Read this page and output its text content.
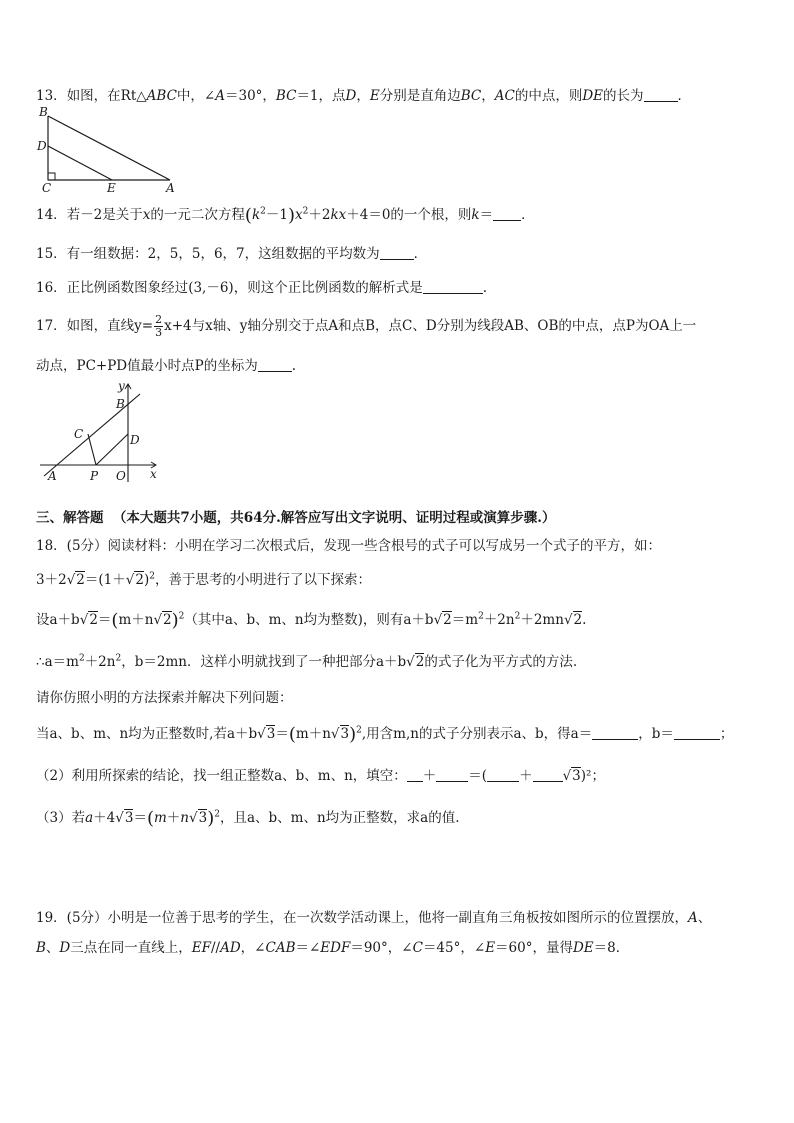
13．如图，在Rt△ABC中，∠A＝30°，BC＝1，点D，E分别是直角边BC，AC的中点，则DE的长为	．
B
D
C	E	A
14．若－2是关于x的一元二次方程$(k^2-1)x^2+2kx+4=0$的一个根，则k＝ ．
15．有一组数据：2，5，5，6，7，这组数据的平均数为	．
16．正比例函数图象经过(3,－6)，则这个正比例函数的解析式是	.
17．如图，直线$y= \frac{2}{3} x+4$与x轴、y轴分别交于点A和点B，点C、D分别为线段AB、OB的中点，点P为OA上一
动点，PC+PD值最小时点P的坐标为	.
y
B
C	D
A	P O x
三、解答题 （本大题共7小题，共64分.解答应写出文字说明、证明过程或演算步骤.）
18．(5分）阅读材料：小明在学习二次根式后，发现一些含根号的式子可以写成另一个式子的平方，如：
$3+2√2=(1+√2)^2$，善于思考的小明进行了以下探索：
设$a+b√2=(m+n√2)^2$（其中a、b、m、n均为整数)，则有$a+b√2=m^2+2n^2+2mn√2$.
$\therefore a=m^2+2n^2$，b＝2mn．这样小明就找到了一种把部分a＋b√2的式子化为平方式的方法.
请你仿照小明的方法探索并解决下列问题：
当a、b、m、n均为正整数时,若$a+b√3=(m+n√3)^2$,用含m,n的式子分别表示a、b，得a＝	，b＝	；
（2）利用所探索的结论，找一组正整数a、b、m、n，填空： ＋ ＝( ＋ √3)²；
（3）若$a+4√3=(m+n√3)^2$，且a、b、m、n均为正整数，求a的值.
19．(5分）小明是一位善于思考的学生，在一次数学活动课上，他将一副直角三角板按如图所示的位置摆放，A、
B、D三点在同一直线上，EF//AD，∠CAB＝∠EDF＝90°，∠C＝45°，∠E＝60°，量得DE＝8．
